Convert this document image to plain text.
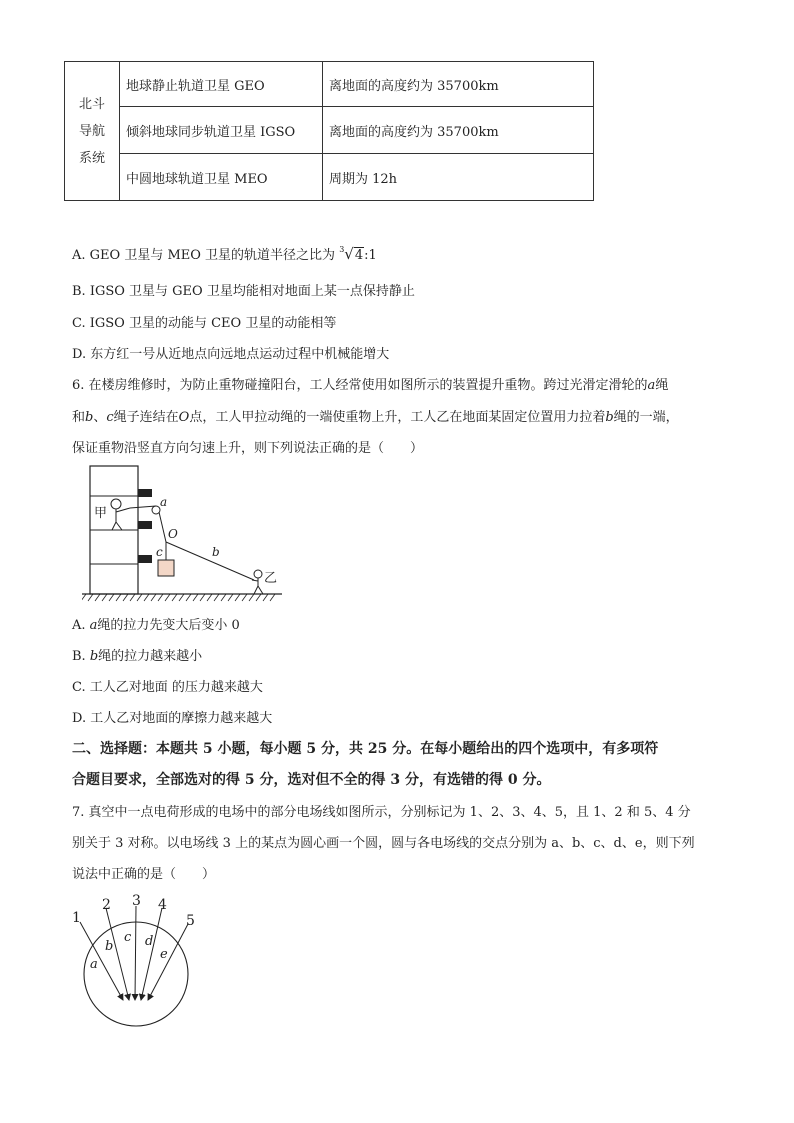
北斗
导航
系统	地球静止轨道卫星 GEO	离地面的高度约为 35700km
	倾斜地球同步轨道卫星 IGSO	离地面的高度约为 35700km
	中圆地球轨道卫星 MEO	周期为 12h
A. GEO 卫星与 MEO 卫星的轨道半径之比为 $^3$√4:1
B. IGSO 卫星与 GEO 卫星均能相对地面上某一点保持静止
C. IGSO 卫星的动能与 CEO 卫星的动能相等
D. 东方红一号从近地点向远地点运动过程中机械能增大
6. 在楼房维修时，为防止重物碰撞阳台，工人经常使用如图所示的装置提升重物。跨过光滑定滑轮的a绳
和b、c绳子连结在O点，工人甲拉动绳的一端使重物上升，工人乙在地面某固定位置用力拉着b绳的一端，
保证重物沿竖直方向匀速上升，则下列说法正确的是（　　）
甲
a
O
c	b
乙
A. a绳的拉力先变大后变小 0
B. b绳的拉力越来越小
C. 工人乙对地面 的压力越来越大
D. 工人乙对地面的摩擦力越来越大
二、选择题：本题共 5 小题，每小题 5 分，共 25 分。在每小题给出的四个选项中，有多项符
合题目要求，全部选对的得 5 分，选对但不全的得 3 分，有选错的得 0 分。
7. 真空中一点电荷形成的电场中的部分电场线如图所示，分别标记为 1、2、3、4、5，且 1、2 和 5、4 分
别关于 3 对称。以电场线 3 上的某点为圆心画一个圆，圆与各电场线的交点分别为 a、b、c、d、e，则下列
说法中正确的是（　　）
1
2 3 4
5
a
b
c d
e
